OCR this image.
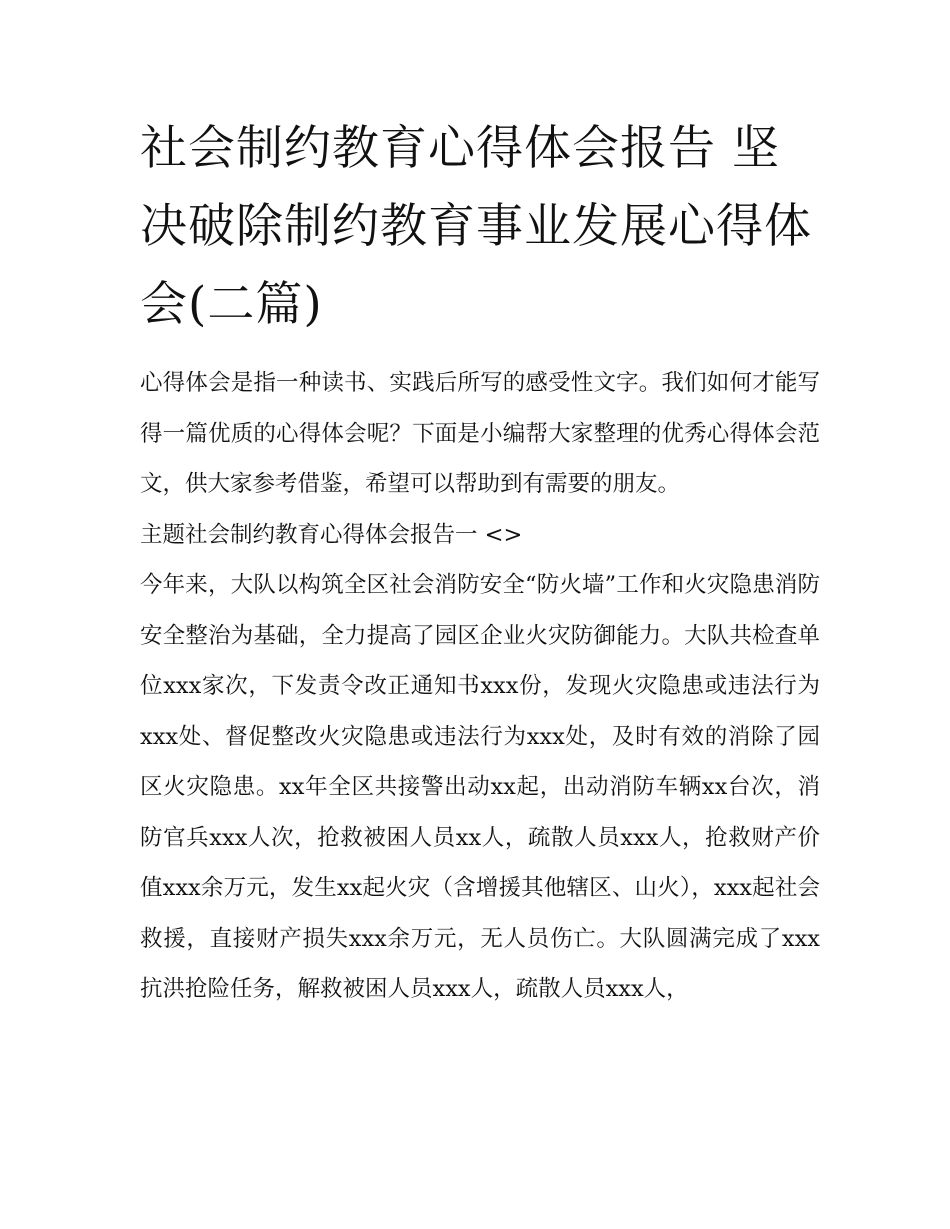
社会制约教育心得体会报告 坚决破除制约教育事业发展心得体会(二篇)

心得体会是指一种读书、实践后所写的感受性文字。我们如何才能写得一篇优质的心得体会呢？下面是小编帮大家整理的优秀心得体会范文，供大家参考借鉴，希望可以帮助到有需要的朋友。

主题社会制约教育心得体会报告一 <>

今年来，大队以构筑全区社会消防安全“防火墙”工作和火灾隐患消防安全整治为基础，全力提高了园区企业火灾防御能力。大队共检查单位xxx家次，下发责令改正通知书xxx份，发现火灾隐患或违法行为xxx处、督促整改火灾隐患或违法行为xxx处，及时有效的消除了园区火灾隐患。xx年全区共接警出动xx起，出动消防车辆xx台次，消防官兵xxx人次，抢救被困人员xx人，疏散人员xxx人，抢救财产价值xxx余万元，发生xx起火灾（含增援其他辖区、山火），xxx起社会救援，直接财产损失xxx余万元，无人员伤亡。大队圆满完成了xxx抗洪抢险任务，解救被困人员xxx人，疏散人员xxx人，
